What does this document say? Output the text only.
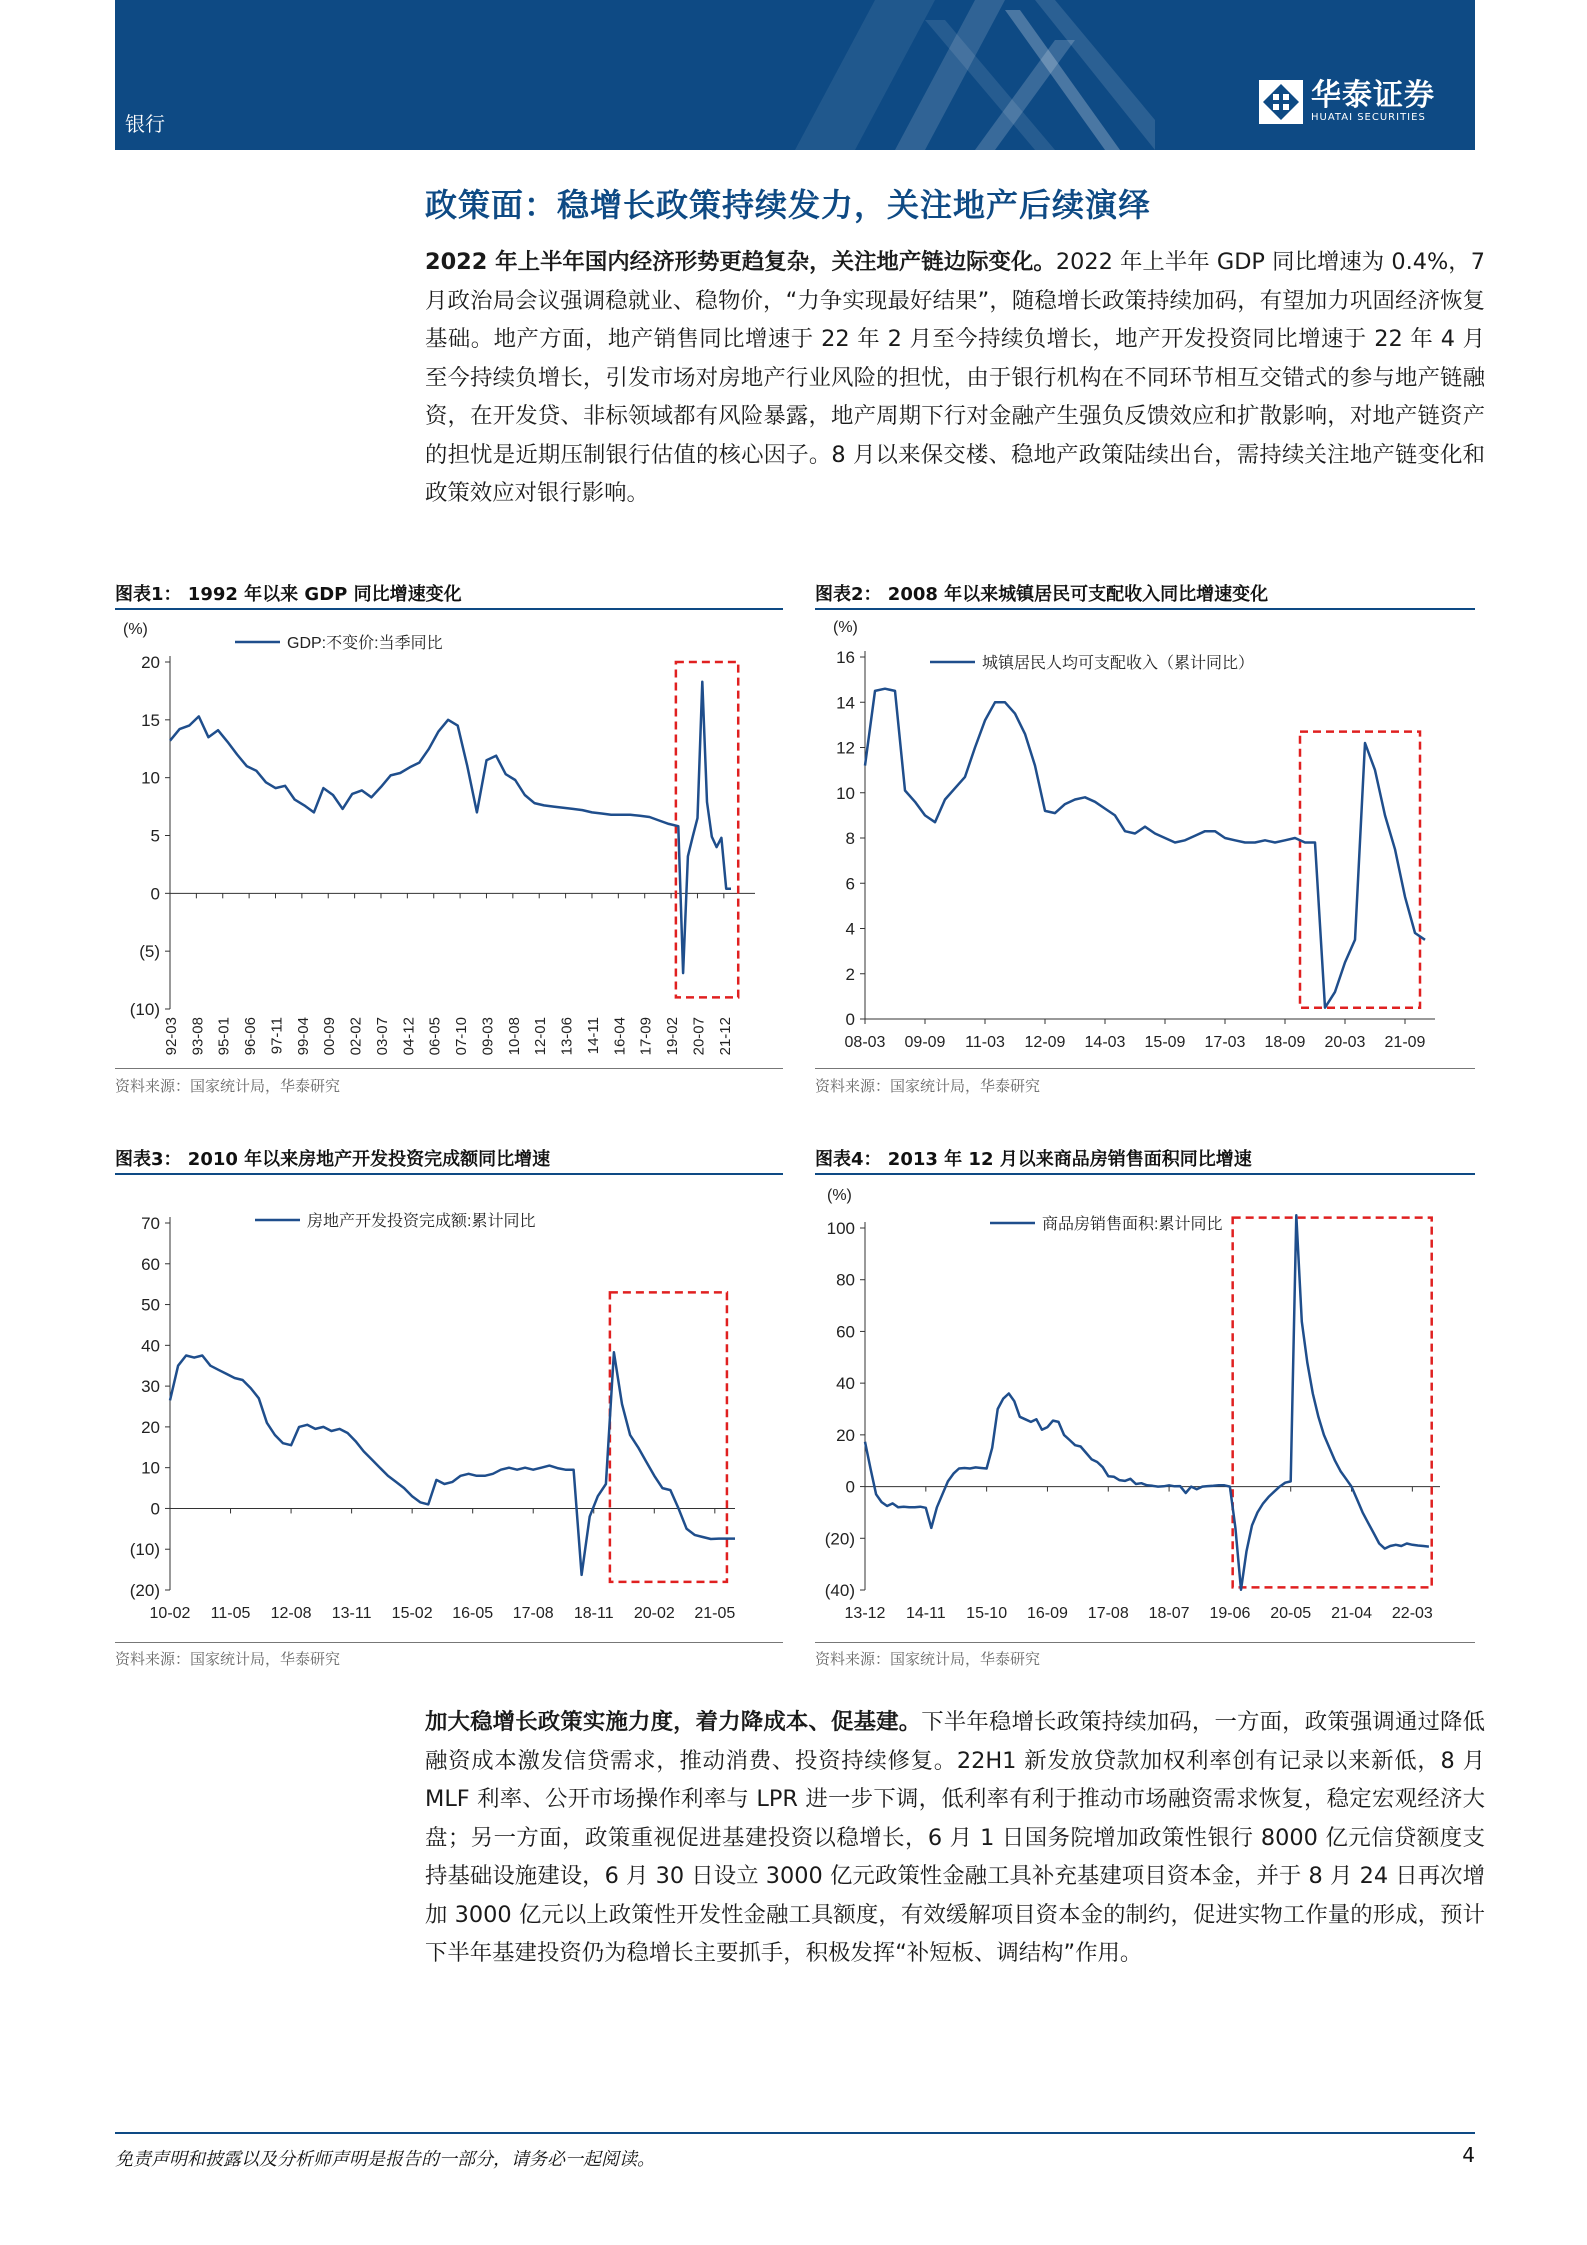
银行
华泰证券
HUATAI SECURITIES
政策面：稳增长政策持续发力，关注地产后续演绎
2022 年上半年国内经济形势更趋复杂，关注地产链边际变化。2022 年上半年 GDP 同比增速为 0.4%，7 月政治局会议强调稳就业、稳物价，“力争实现最好结果”，随稳增长政策持续加码，有望加力巩固经济恢复基础。地产方面，地产销售同比增速于 22 年 2 月至今持续负增长，地产开发投资同比增速于 22 年 4 月至今持续负增长，引发市场对房地产行业风险的担忧，由于银行机构在不同环节相互交错式的参与地产链融资，在开发贷、非标领域都有风险暴露，地产周期下行对金融产生强负反馈效应和扩散影响，对地产链资产的担忧是近期压制银行估值的核心因子。8 月以来保交楼、稳地产政策陆续出台，需持续关注地产链变化和政策效应对银行影响。
图表1： 1992 年以来 GDP 同比增速变化
(10)
(5)
0
5
10
15
20
92-03 93-08 95-01 96-06 97-11 99-04 00-09 02-02 03-07 04-12 06-05 07-10 09-03 10-08 12-01 13-06 14-11 16-04 17-09 19-02 20-07 21-12
(%)
GDP:不变价:当季同比
资料来源：国家统计局，华泰研究
图表2： 2008 年以来城镇居民可支配收入同比增速变化
0
2
4
6
8
10
12
14
16
08-03 09-09 11-03 12-09 14-03 15-09 17-03 18-09 20-03 21-09
(%)
城镇居民人均可支配收入（累计同比）
资料来源：国家统计局，华泰研究
图表3： 2010 年以来房地产开发投资完成额同比增速
(20)
(10)
0
10
20
30
40
50
60
70
10-02 11-05 12-08 13-11 15-02 16-05 17-08 18-11 20-02 21-05
房地产开发投资完成额:累计同比
资料来源：国家统计局，华泰研究
图表4： 2013 年 12 月以来商品房销售面积同比增速
(40)
(20)
0
20
40
60
80
100
13-12 14-11 15-10 16-09 17-08 18-07 19-06 20-05 21-04 22-03
(%)
商品房销售面积:累计同比
资料来源：国家统计局，华泰研究
加大稳增长政策实施力度，着力降成本、促基建。下半年稳增长政策持续加码，一方面，政策强调通过降低融资成本激发信贷需求，推动消费、投资持续修复。22H1 新发放贷款加权利率创有记录以来新低，8 月 MLF 利率、公开市场操作利率与 LPR 进一步下调，低利率有利于推动市场融资需求恢复，稳定宏观经济大盘；另一方面，政策重视促进基建投资以稳增长，6 月 1 日国务院增加政策性银行 8000 亿元信贷额度支持基础设施建设，6 月 30 日设立 3000 亿元政策性金融工具补充基建项目资本金，并于 8 月 24 日再次增加 3000 亿元以上政策性开发性金融工具额度，有效缓解项目资本金的制约，促进实物工作量的形成，预计下半年基建投资仍为稳增长主要抓手，积极发挥“补短板、调结构”作用。
免责声明和披露以及分析师声明是报告的一部分，请务必一起阅读。	4
